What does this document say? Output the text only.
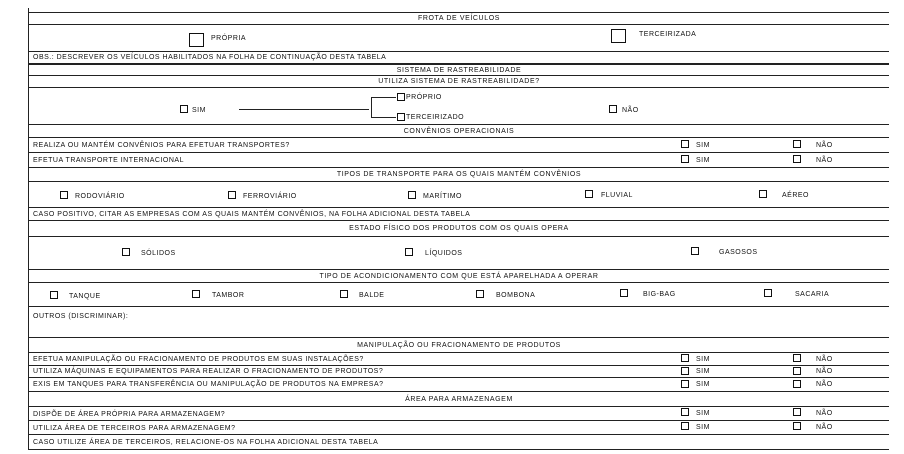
FROTA DE VEÍCULOS
PRÓPRIA
TERCEIRIZADA
OBS.: DESCREVER OS VEÍCULOS HABILITADOS NA FOLHA DE CONTINUAÇÃO DESTA TABELA
SISTEMA DE RASTREABILIDADE
UTILIZA SISTEMA DE RASTREABILIDADE?
SIM
PRÓPRIO
TERCEIRIZADO
NÃO
CONVÊNIOS OPERACIONAIS
REALIZA OU MANTÉM CONVÊNIOS PARA EFETUAR TRANSPORTES?	SIM	NÃO
EFETUA TRANSPORTE INTERNACIONAL	SIM	NÃO
TIPOS DE TRANSPORTE PARA OS QUAIS MANTÉM CONVÊNIOS
RODOVIÁRIO	FERROVIÁRIO	MARÍTIMO	FLUVIAL	AÉREO
CASO POSITIVO, CITAR AS EMPRESAS COM AS QUAIS MANTÉM CONVÊNIOS, NA FOLHA ADICIONAL DESTA TABELA
ESTADO FÍSICO DOS PRODUTOS COM OS QUAIS OPERA
SÓLIDOS	LÍQUIDOS	GASOSOS
TIPO DE ACONDICIONAMENTO COM QUE ESTÁ APARELHADA A OPERAR
TANQUE	TAMBOR	BALDE	BOMBONA	BIG-BAG	SACARIA
OUTROS (DISCRIMINAR):
MANIPULAÇÃO OU FRACIONAMENTO DE PRODUTOS
EFETUA MANIPULAÇÃO OU FRACIONAMENTO DE PRODUTOS EM SUAS INSTALAÇÕES?	SIM	NÃO
UTILIZA MÁQUINAS E EQUIPAMENTOS PARA REALIZAR O FRACIONAMENTO DE PRODUTOS?	SIM	NÃO
EXIS EM TANQUES PARA TRANSFERÊNCIA OU MANIPULAÇÃO DE PRODUTOS NA EMPRESA?	SIM	NÃO
ÁREA PARA ARMAZENAGEM
DISPÕE DE ÁREA PRÓPRIA PARA ARMAZENAGEM?	SIM	NÃO
UTILIZA ÁREA DE TERCEIROS PARA ARMAZENAGEM?	SIM	NÃO
CASO UTILIZE ÁREA DE TERCEIROS, RELACIONE-OS NA FOLHA ADICIONAL DESTA TABELA
